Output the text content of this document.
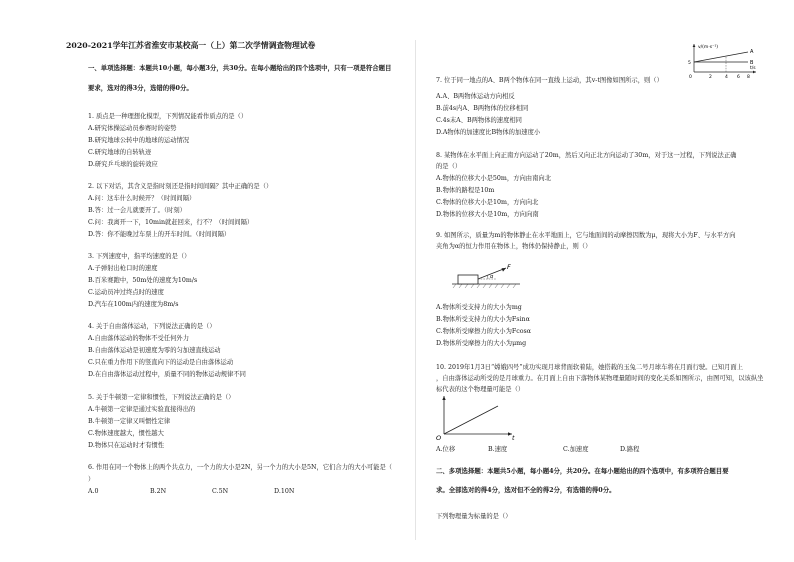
2020-2021学年江苏省淮安市某校高一（上）第二次学情调查物理试卷
一、单项选择题：本题共10小题，每小题3分，共30分。在每小题给出的四个选项中，只有一项是符合题目
要求，选对的得3分，选错的得0分。
1. 质点是一种理想化模型，下列情况能看作质点的是（）
A.研究体操运动员参赛时的姿势
B.研究地球公转中的地球的运动情况
C.研究地球的自转轨迹
D.研究乒乓球的旋转效应
2. 以下对话，其含义是指时刻还是指时间间隔？其中正确的是（）
A.问：这车什么时候开？（时间间隔）
B.答：过一会儿就要开了。（时刻）
C.问：我离开一下，10min就赶回来，行不？（时间间隔）
D.答：你不能晚过车票上的开车时间。（时间间隔）
3. 下列速度中，指平均速度的是（）
A.子弹射出枪口时的速度
B.百米赛跑中，50m处的速度为10m/s
C.运动员冲过终点时的速度
D.汽车在100m内的速度为8m/s
4. 关于自由落体运动，下列说法正确的是（）
A.自由落体运动的物体不受任何外力
B.自由落体运动是初速度为零的匀加速直线运动
C.只在重力作用下的竖直向下的运动是自由落体运动
D.在自由落体运动过程中，质量不同的物体运动规律不同
5. 关于牛顿第一定律和惯性，下列说法正确的是（）
A.牛顿第一定律是通过实验直接得出的
B.牛顿第一定律又叫惯性定律
C.物体速度越大，惯性越大
D.物体只在运动时才有惯性
6. 作用在同一个物体上的两个共点力，一个力的大小是2N，另一个力的大小是5N，它们合力的大小可能是（
）
A.0	B.2N	C.5N	D.10N
v/(m·s⁻¹)
t/s
5
0	2	4 6 8
A
B
7. 位于同一地点的A、B两个物体在同一直线上运动，其v-t图像如图所示，则（）
A.A、B两物体运动方向相反
B.前4s内A、B两物体的位移相同
C.4s末A、B两物体的速度相同
D.A物体的加速度比B物体的加速度小
8. 某物体在水平面上向正南方向运动了20m，然后又向正北方向运动了30m，对于这一过程，下列说法正确
的是（）
A.物体的位移大小是50m，方向由南向北
B.物体的路程是10m
C.物体的位移大小是10m，方向向北
D.物体的位移大小是10m，方向向南
9. 如图所示，质量为m的物体静止在水平地面上，它与地面间的动摩擦因数为μ，现将大小为F、与水平方向
夹角为α的恒力作用在物体上，物体仍保持静止，则（）
F
α
A.物体所受支持力的大小为mg
B.物体所受支持力的大小为Fsinα
C.物体所受摩擦力的大小为Fcosα
D.物体所受摩擦力的大小为μmg
10. 2019年1月3日“嫦娥四号”成功实现月球背面软着陆，她搭载的玉兔二号月球车将在月面行驶。已知月面上
，自由落体运动所受的是月球重力。在月面上自由下落物体某物理量随时间的变化关系如图所示，由图可知，以该纵坐
标代表的这个物理量可能是（）
O	t
A.位移	B.速度	C.加速度	D.路程
二、多项选择题：本题共5小题，每小题4分，共20分。在每小题给出的四个选项中，有多项符合题目要
求。全部选对的得4分，选对但不全的得2分，有选错的得0分。
下列物理量为标量的是（）
